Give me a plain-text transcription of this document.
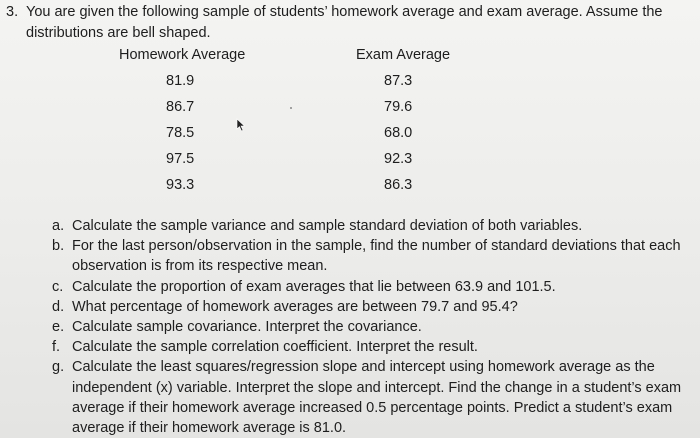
3. You are given the following sample of students’ homework average and exam average. Assume the
distributions are bell shaped.
Homework Average	Exam Average
81.9	87.3
86.7	79.6
78.5	68.0
97.5	92.3
93.3	86.3
a. Calculate the sample variance and sample standard deviation of both variables.
b. For the last person/observation in the sample, find the number of standard deviations that each observation is from its respective mean.
c. Calculate the proportion of exam averages that lie between 63.9 and 101.5.
d. What percentage of homework averages are between 79.7 and 95.4?
e. Calculate sample covariance. Interpret the covariance.
f. Calculate the sample correlation coefficient. Interpret the result.
g. Calculate the least squares/regression slope and intercept using homework average as the independent (x) variable. Interpret the slope and intercept. Find the change in a student’s exam average if their homework average increased 0.5 percentage points. Predict a student’s exam average if their homework average is 81.0.
